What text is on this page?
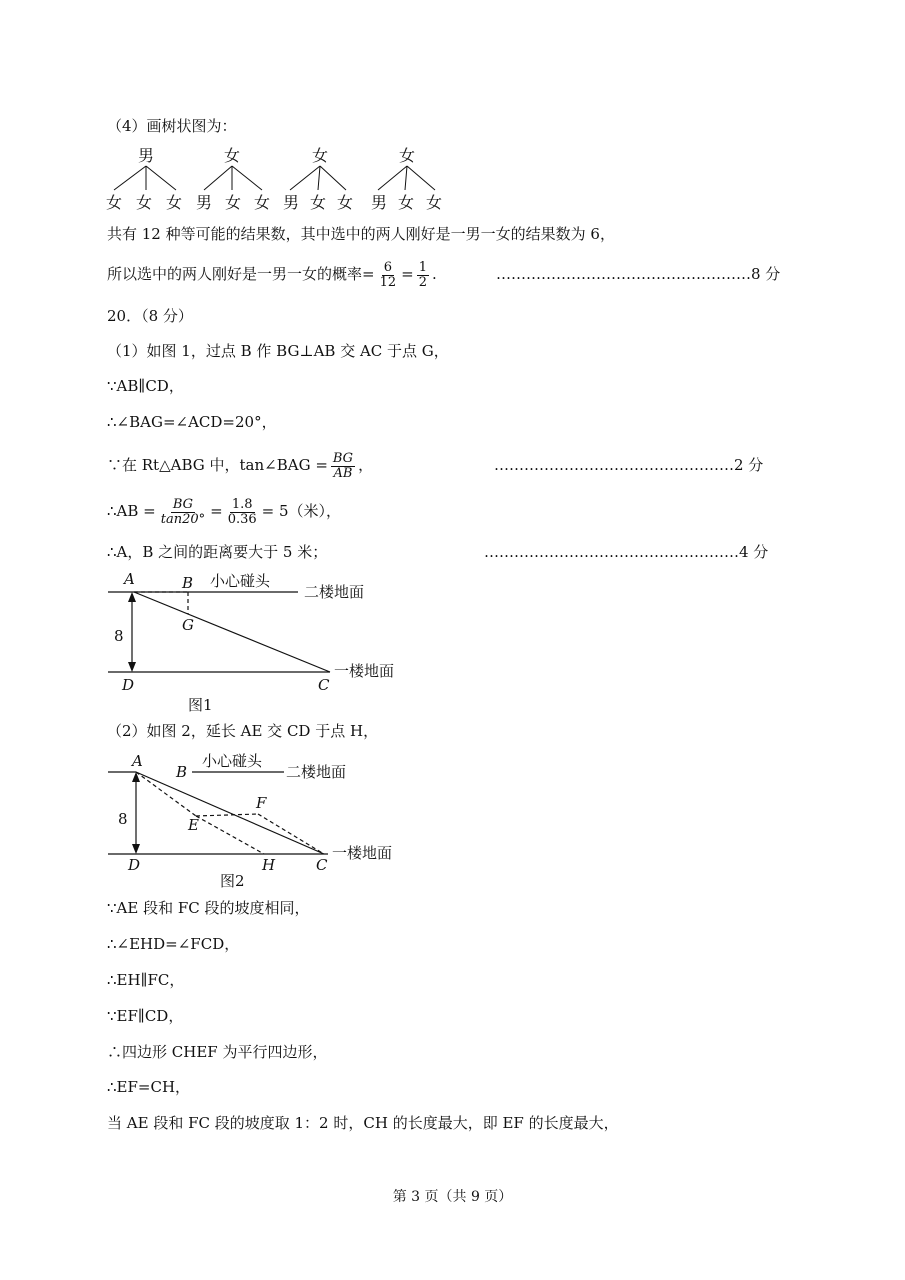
（4）画树状图为：
男	女	女	女
女 女 女 男 女 女 男 女 女 男 女 女
共有 12 种等可能的结果数，其中选中的两人刚好是一男一女的结果数为 6，
所以选中的两人刚好是一男一女的概率= $\frac{6}{12} = \frac{1}{2}$ .	……………………………………………8 分
20．（8 分）
（1）如图 1，过点 B 作 BG⊥AB 交 AC 于点 G，
∵AB∥CD，
∴∠BAG=∠ACD=20°，
∵在 Rt△ABG 中，tan∠BAG = $\frac{BG}{AB}$ ，	…………………………………………2 分
∴AB = $\frac{BG}{\tan 20^\circ} = \frac{1.8}{0.36} = 5$（米），
∴A，B 之间的距离要大于 5 米；	……………………………………………4 分
A	B 小心碰头
二楼地面
G
8
D	C
一楼地面
图1
（2）如图 2，延长 AE 交 CD 于点 H，
A
B
小心碰头
二楼地面
F
E
8
D	H	C
一楼地面
图2
∵AE 段和 FC 段的坡度相同，
∴∠EHD=∠FCD，
∴EH∥FC，
∵EF∥CD，
∴四边形 CHEF 为平行四边形，
∴EF=CH，
当 AE 段和 FC 段的坡度取 1：2 时，CH 的长度最大，即 EF 的长度最大，
第 3 页（共 9 页）
